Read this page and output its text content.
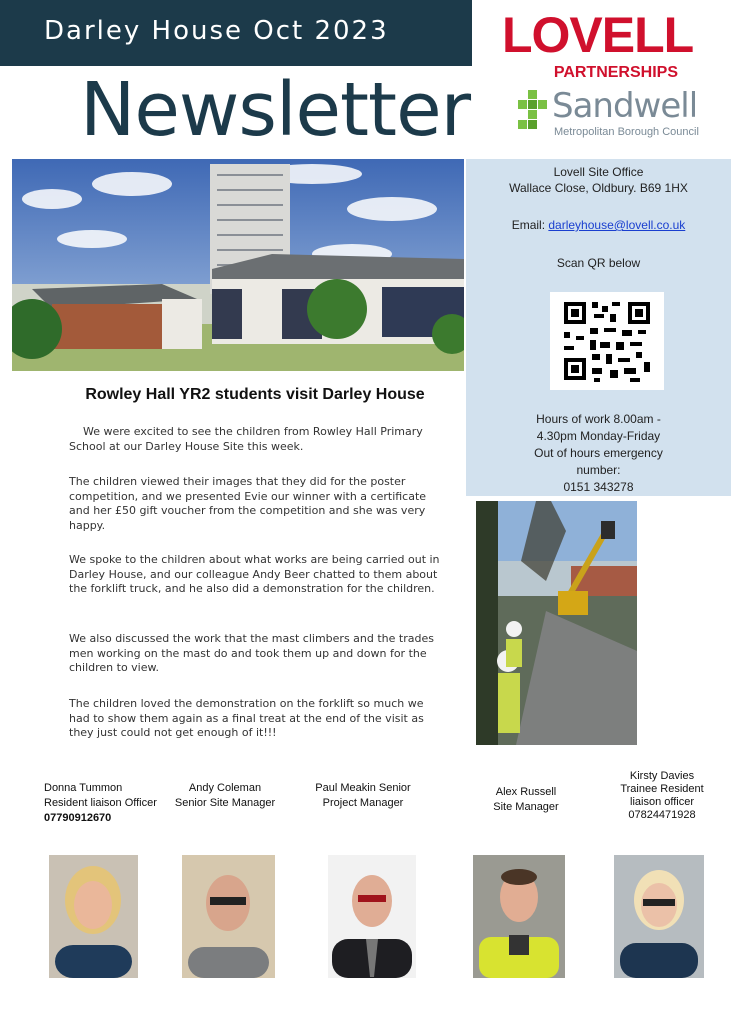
Darley House Oct 2023
Newsletter
LOVELL
PARTNERSHIPS
Sandwell
Metropolitan Borough Council
Lovell Site Office
Wallace Close, Oldbury. B69 1HX
Email: darleyhouse@lovell.co.uk
Scan QR below
Hours of work 8.00am -
4.30pm Monday-Friday
Out of hours emergency
number:
0151 343278
Rowley Hall YR2 students visit Darley House

We were excited to see the children from Rowley Hall Primary School at our Darley House Site this week.

The children viewed their images that they did for the poster competition, and we presented Evie our winner with a certificate and her £50 gift voucher from the competition and she was very happy.

We spoke to the children about what works are being carried out in Darley House, and our colleague Andy Beer chatted to them about the forklift truck, and he also did a demonstration for the children.

We also discussed the work that the mast climbers and the trades men working on the mast do and took them up and down for the children to view.

The children loved the demonstration on the forklift so much we had to show them again as a final treat at the end of the visit as they just could not get enough of it!!!

Donna Tummon
Resident liaison Officer
07790912670
Andy Coleman
Senior Site Manager
Paul Meakin Senior
Project Manager
Alex Russell
Site Manager
Kirsty Davies
Trainee Resident
liaison officer
07824471928
